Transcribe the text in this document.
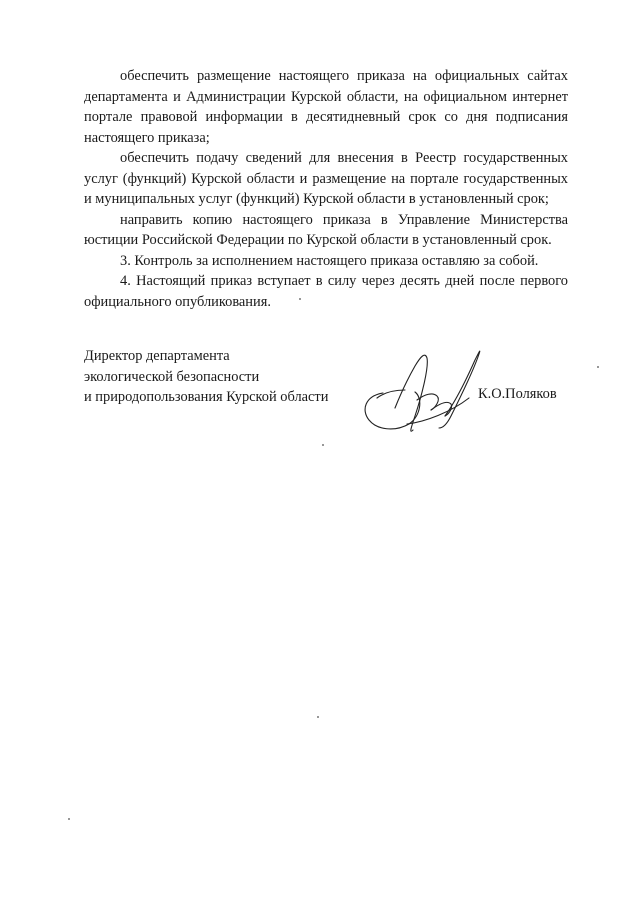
обеспечить размещение настоящего приказа на официальных сайтах департамента и Администрации Курской области, на официальном интернет портале правовой информации в десятидневный срок со дня подписания настоящего приказа;

обеспечить подачу сведений для внесения в Реестр государственных услуг (функций) Курской области и размещение на портале государственных и муниципальных услуг (функций) Курской области в установленный срок;

направить копию настоящего приказа в Управление Министерства юстиции Российской Федерации по Курской области в установленный срок.

3. Контроль за исполнением настоящего приказа оставляю за собой.

4. Настоящий приказ вступает в силу через десять дней после первого официального опубликования.

Директор департамента
экологической безопасности
и природопользования Курской области	К.О.Поляков
